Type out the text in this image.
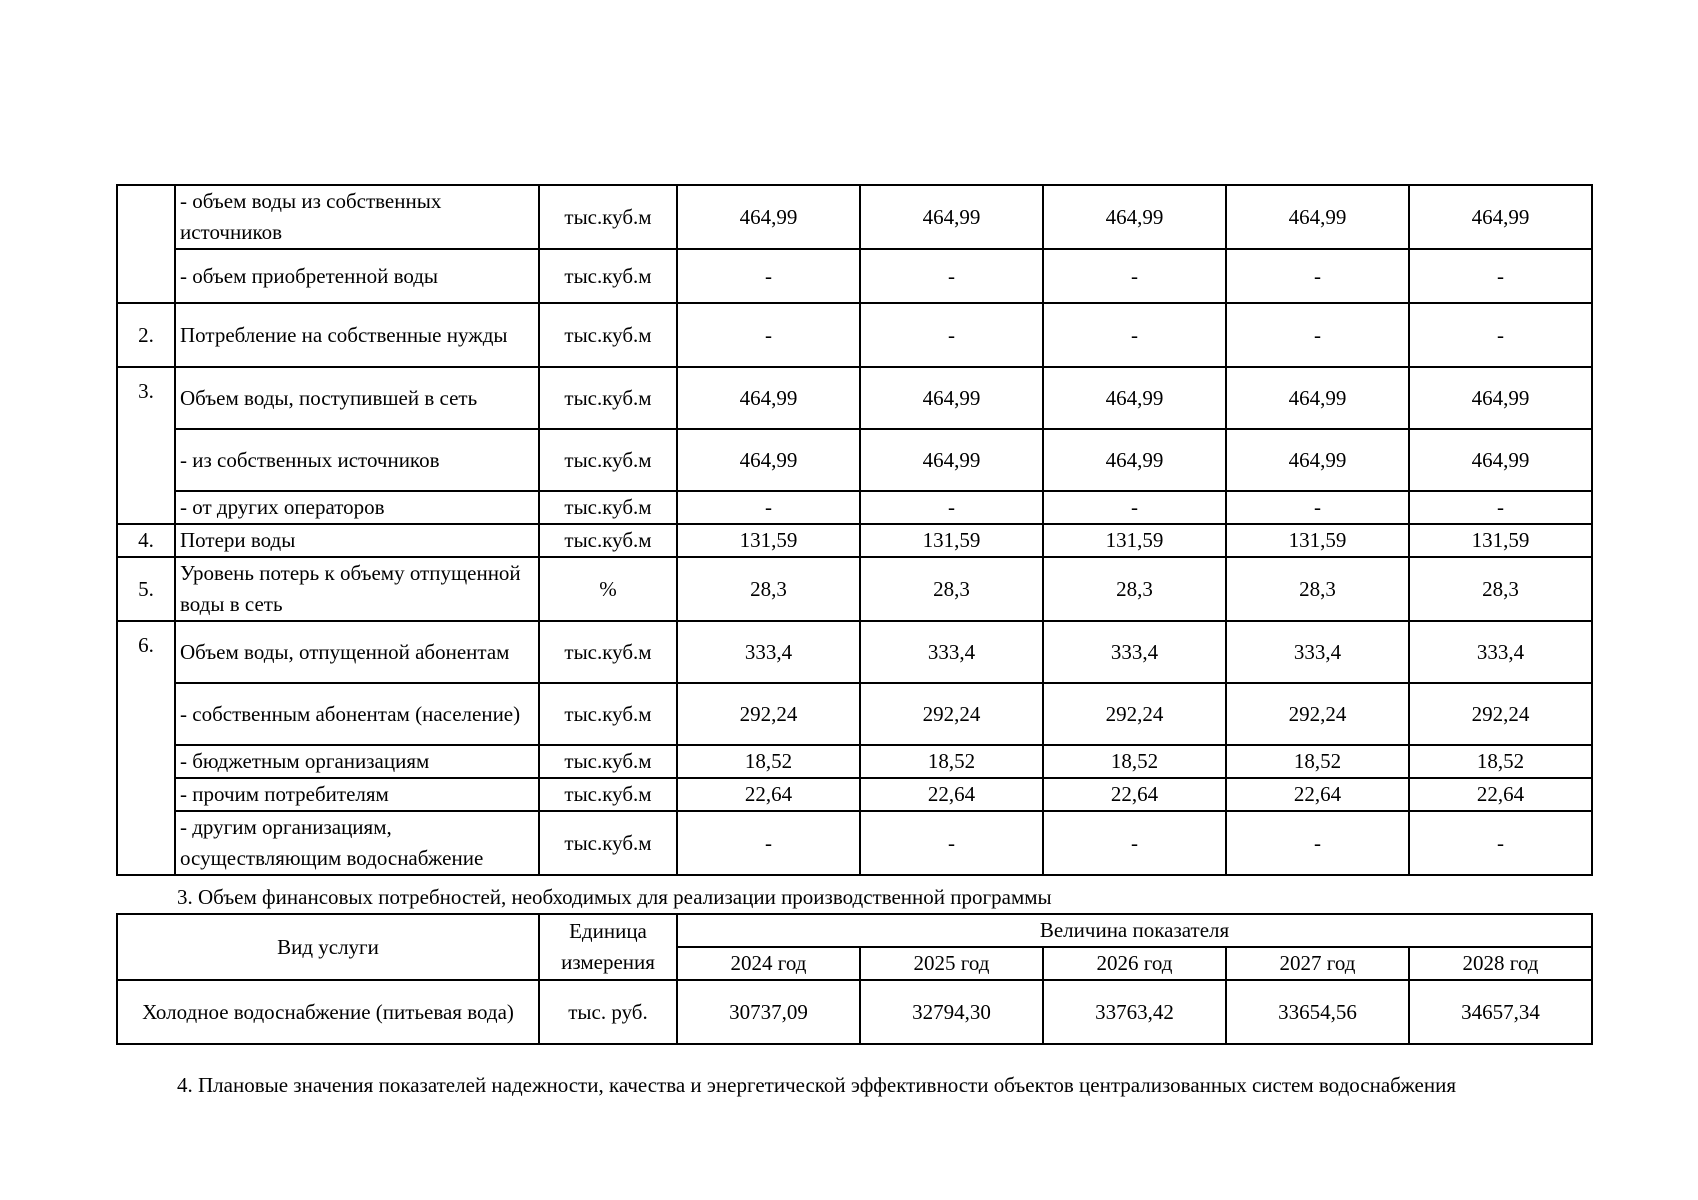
	- объем воды из собственных источников	тыс.куб.м	464,99	464,99	464,99	464,99	464,99
	- объем приобретенной воды	тыс.куб.м	-	-	-	-	-
2.	Потребление на собственные нужды	тыс.куб.м	-	-	-	-	-
3.	Объем воды, поступившей в сеть	тыс.куб.м	464,99	464,99	464,99	464,99	464,99
	- из собственных источников	тыс.куб.м	464,99	464,99	464,99	464,99	464,99
	- от других операторов	тыс.куб.м	-	-	-	-	-
4.	Потери воды	тыс.куб.м	131,59	131,59	131,59	131,59	131,59
5.	Уровень потерь к объему отпущенной воды в сеть	%	28,3	28,3	28,3	28,3	28,3
6.	Объем воды, отпущенной абонентам	тыс.куб.м	333,4	333,4	333,4	333,4	333,4
	- собственным абонентам (население)	тыс.куб.м	292,24	292,24	292,24	292,24	292,24
	- бюджетным организациям	тыс.куб.м	18,52	18,52	18,52	18,52	18,52
	- прочим потребителям	тыс.куб.м	22,64	22,64	22,64	22,64	22,64
	- другим организациям, осуществляющим водоснабжение	тыс.куб.м	-	-	-	-	-

3. Объем финансовых потребностей, необходимых для реализации производственной программы

Вид услуги	Единица измерения	Величина показателя				
		2024 год	2025 год	2026 год	2027 год	2028 год
Холодное водоснабжение (питьевая вода)	тыс. руб.	30737,09	32794,30	33763,42	33654,56	34657,34

4. Плановые значения показателей надежности, качества и энергетической эффективности объектов централизованных систем водоснабжения
